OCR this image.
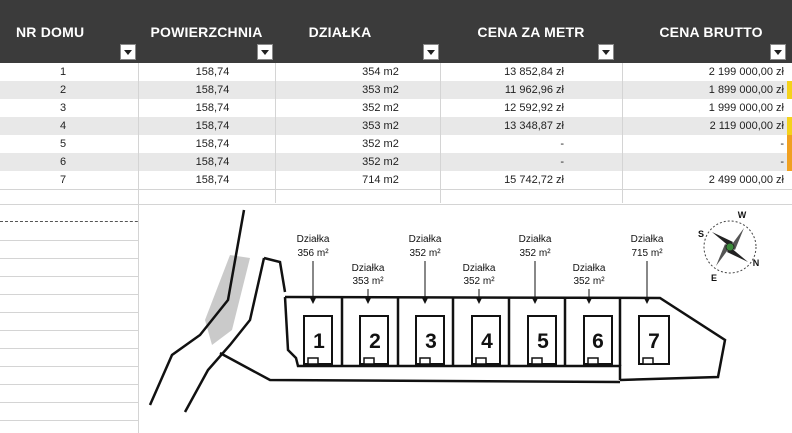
NR DOMU	POWIERZCHNIA	DZIAŁKA	CENA ZA METR	CENA BRUTTO
1	158,74	354 m2	13 852,84 zł	2 199 000,00 zł
2	158,74	353 m2	11 962,96 zł	1 899 000,00 zł
3	158,74	352 m2	12 592,92 zł	1 999 000,00 zł
4	158,74	353 m2	13 348,87 zł	2 119 000,00 zł
5	158,74	352 m2	-	-
6	158,74	352 m2	-	-
7	158,74	714 m2	15 742,72 zł	2 499 000,00 zł
1 2 3 4 5 6 7
Działka
356 m²
Działka
353 m²
Działka
352 m²
Działka
352 m²
Działka
352 m²
Działka
352 m²
Działka
715 m²
W
S
N
E
